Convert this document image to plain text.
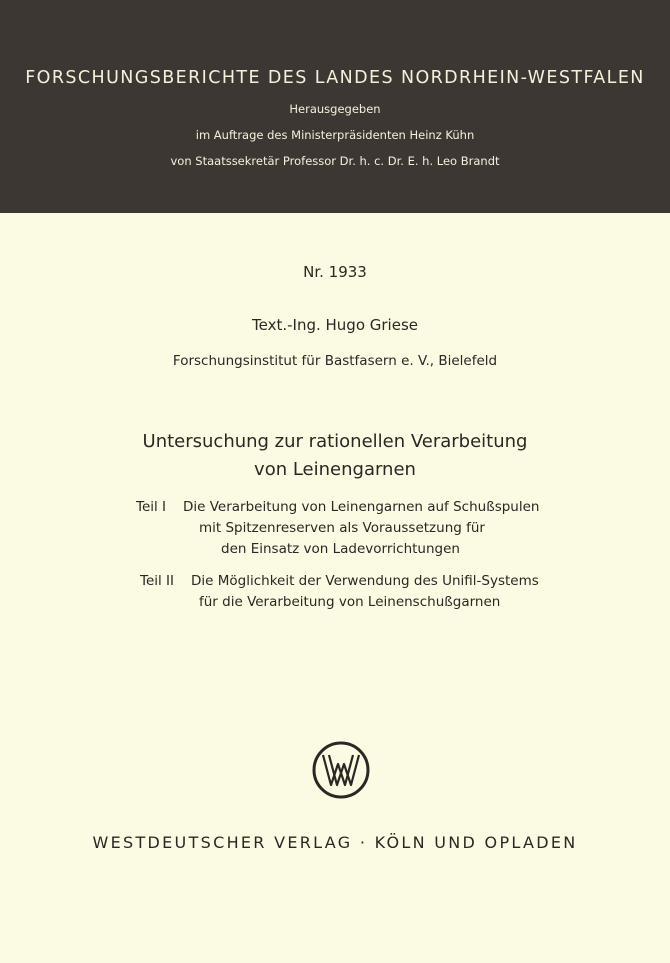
FORSCHUNGSBERICHTE DES LANDES NORDRHEIN-WESTFALEN
Herausgegeben
im Auftrage des Ministerpräsidenten Heinz Kühn
von Staatssekretär Professor Dr. h. c. Dr. E. h. Leo Brandt
Nr. 1933
Text.-Ing. Hugo Griese
Forschungsinstitut für Bastfasern e. V., Bielefeld
Untersuchung zur rationellen Verarbeitung
von Leinengarnen
Teil I Die Verarbeitung von Leinengarnen auf Schußspulen
mit Spitzenreserven als Voraussetzung für
den Einsatz von Ladevorrichtungen
Teil II Die Möglichkeit der Verwendung des Unifil-Systems
für die Verarbeitung von Leinenschußgarnen
WESTDEUTSCHER VERLAG · KÖLN UND OPLADEN
